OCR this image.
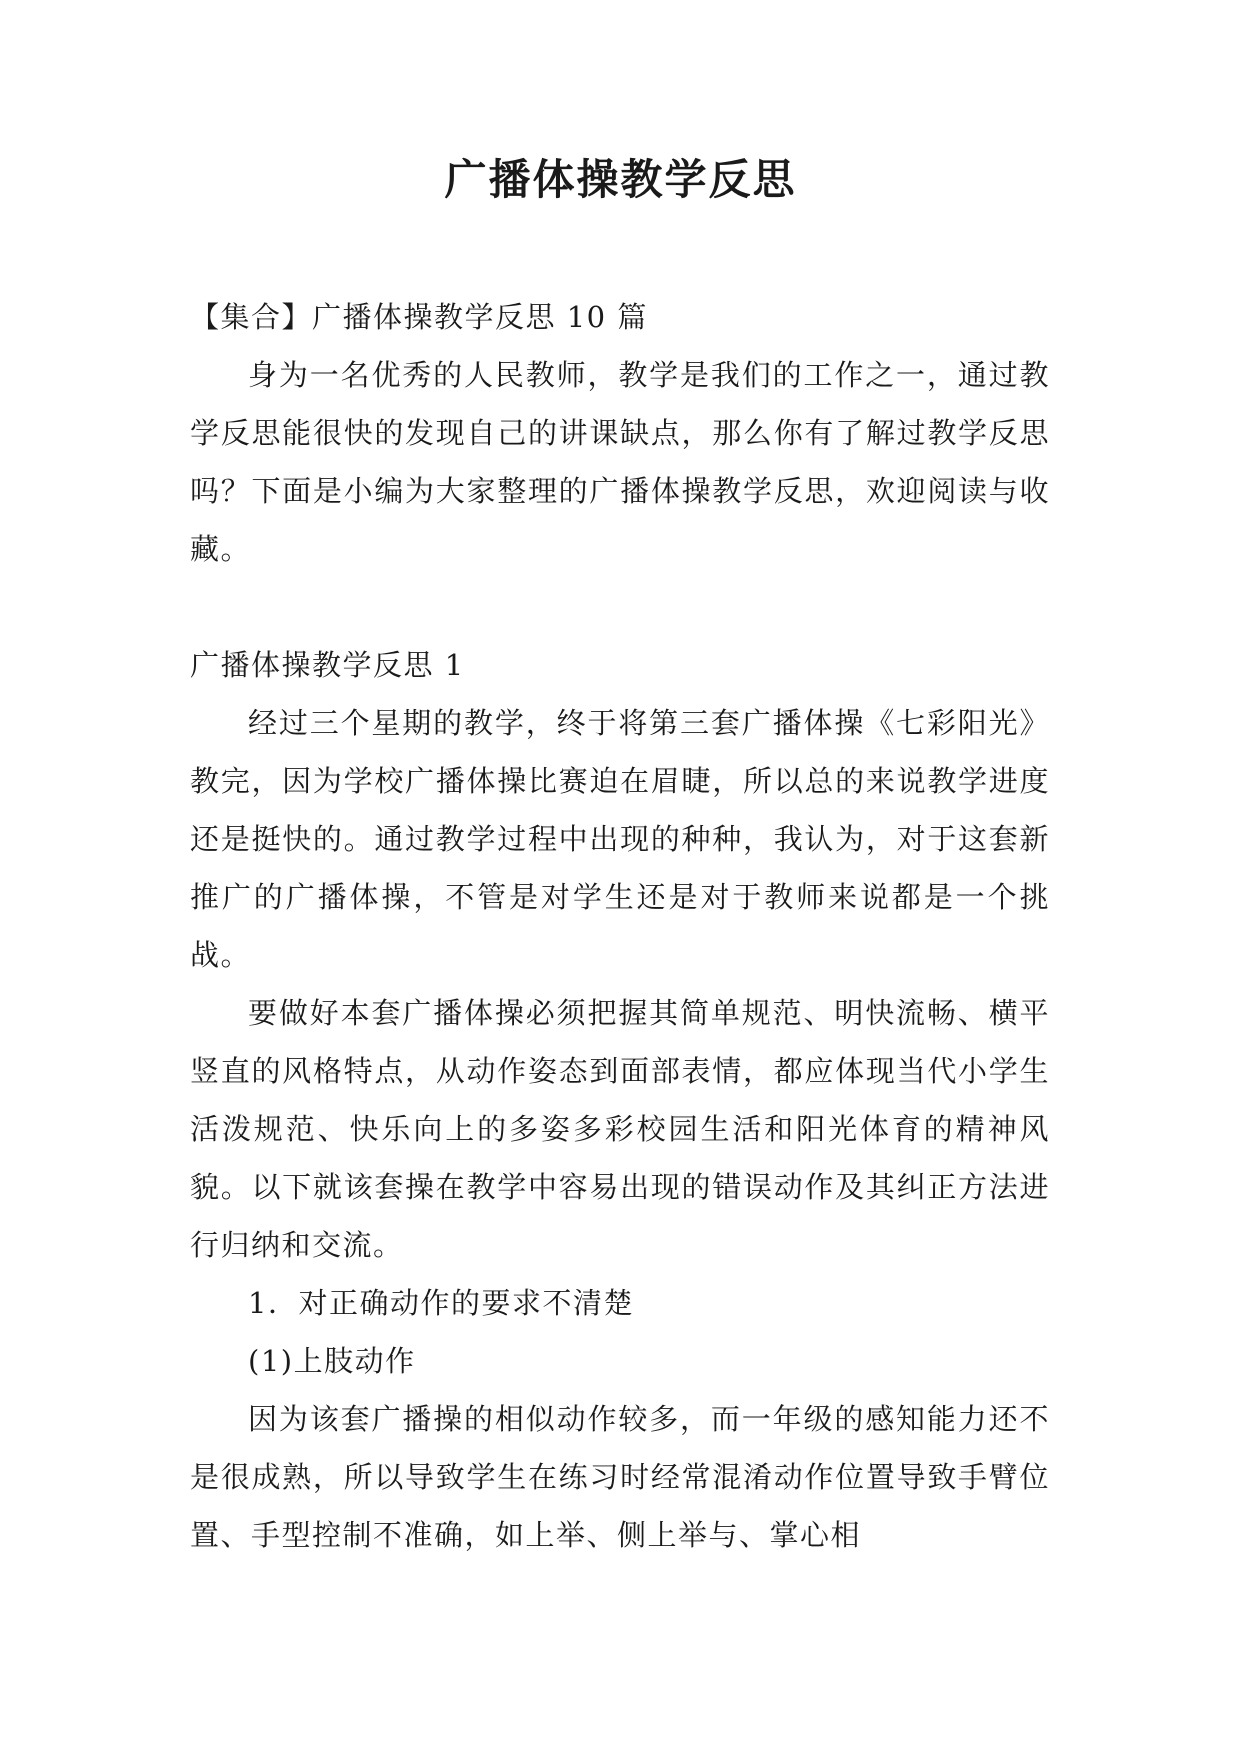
广播体操教学反思

【集合】广播体操教学反思 10 篇

身为一名优秀的人民教师，教学是我们的工作之一，通过教学反思能很快的发现自己的讲课缺点，那么你有了解过教学反思吗？下面是小编为大家整理的广播体操教学反思，欢迎阅读与收藏。

广播体操教学反思 1

经过三个星期的教学，终于将第三套广播体操《七彩阳光》教完，因为学校广播体操比赛迫在眉睫，所以总的来说教学进度还是挺快的。通过教学过程中出现的种种，我认为，对于这套新推广的广播体操，不管是对学生还是对于教师来说都是一个挑战。

要做好本套广播体操必须把握其简单规范、明快流畅、横平竖直的风格特点，从动作姿态到面部表情，都应体现当代小学生活泼规范、快乐向上的多姿多彩校园生活和阳光体育的精神风貌。以下就该套操在教学中容易出现的错误动作及其纠正方法进行归纳和交流。

1．对正确动作的要求不清楚

(1)上肢动作

因为该套广播操的相似动作较多，而一年级的感知能力还不是很成熟，所以导致学生在练习时经常混淆动作位置导致手臂位置、手型控制不准确，如上举、侧上举与、掌心相
